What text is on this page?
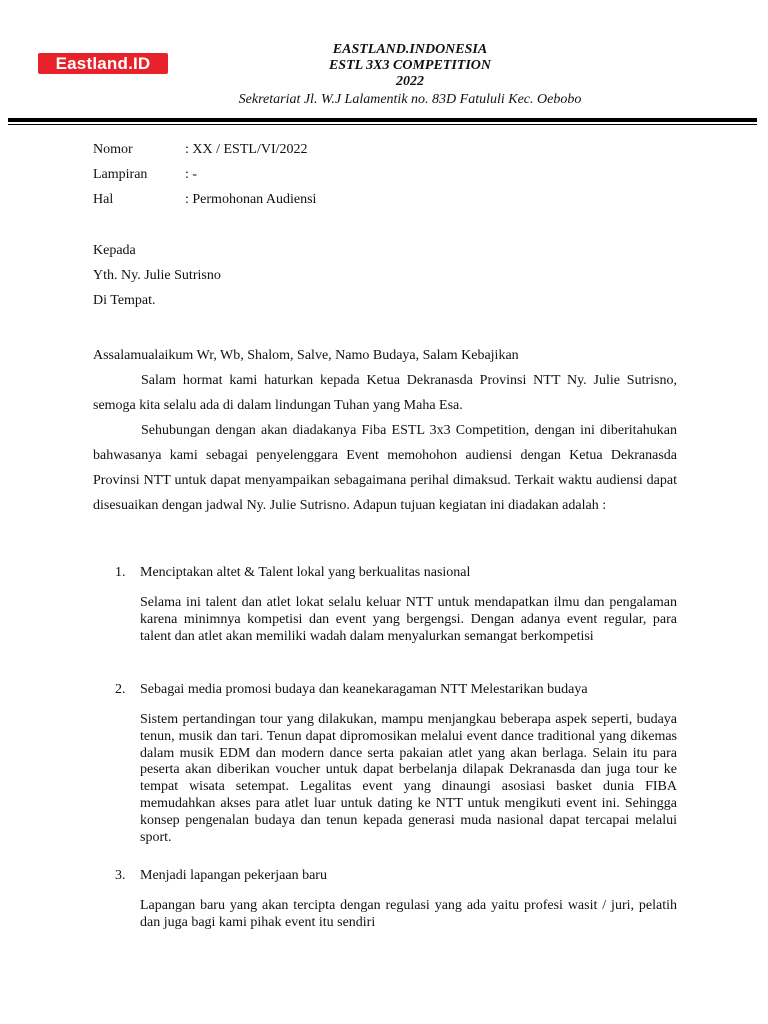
Eastland.ID
EASTLAND.INDONESIA
ESTL 3X3 COMPETITION
2022
Sekretariat Jl. W.J Lalamentik no. 83D Fatululi Kec. Oebobo
Nomor	: XX / ESTL/VI/2022
Lampiran	: -
Hal	: Permohonan Audiensi
Kepada
Yth. Ny. Julie Sutrisno
Di Tempat.

Assalamualaikum Wr, Wb, Shalom, Salve, Namo Budaya, Salam Kebajikan

Salam hormat kami haturkan kepada Ketua Dekranasda Provinsi NTT Ny. Julie Sutrisno, semoga kita selalu ada di dalam lindungan Tuhan yang Maha Esa.

Sehubungan dengan akan diadakanya Fiba ESTL 3x3 Competition, dengan ini diberitahukan bahwasanya kami sebagai penyelenggara Event memohohon audiensi dengan Ketua Dekranasda Provinsi NTT untuk dapat menyampaikan sebagaimana perihal dimaksud. Terkait waktu audiensi dapat disesuaikan dengan jadwal Ny. Julie Sutrisno. Adapun tujuan kegiatan ini diadakan adalah :

1.	Menciptakan altet & Talent lokal yang berkualitas nasional
Selama ini talent dan atlet lokat selalu keluar NTT untuk mendapatkan ilmu dan pengalaman karena minimnya kompetisi dan event yang bergengsi. Dengan adanya event regular, para talent dan atlet akan memiliki wadah dalam menyalurkan semangat berkompetisi
2.	Sebagai media promosi budaya dan keanekaragaman NTT Melestarikan budaya
Sistem pertandingan tour yang dilakukan, mampu menjangkau beberapa aspek seperti, budaya tenun, musik dan tari. Tenun dapat dipromosikan melalui event dance traditional yang dikemas dalam musik EDM dan modern dance serta pakaian atlet yang akan berlaga. Selain itu para peserta akan diberikan voucher untuk dapat berbelanja dilapak Dekranasda dan juga tour ke tempat wisata setempat. Legalitas event yang dinaungi asosiasi basket dunia FIBA memudahkan akses para atlet luar untuk dating ke NTT untuk mengikuti event ini. Sehingga konsep pengenalan budaya dan tenun kepada generasi muda nasional dapat tercapai melalui sport.
3.	Menjadi lapangan pekerjaan baru
Lapangan baru yang akan tercipta dengan regulasi yang ada yaitu profesi wasit / juri, pelatih dan juga bagi kami pihak event itu sendiri
